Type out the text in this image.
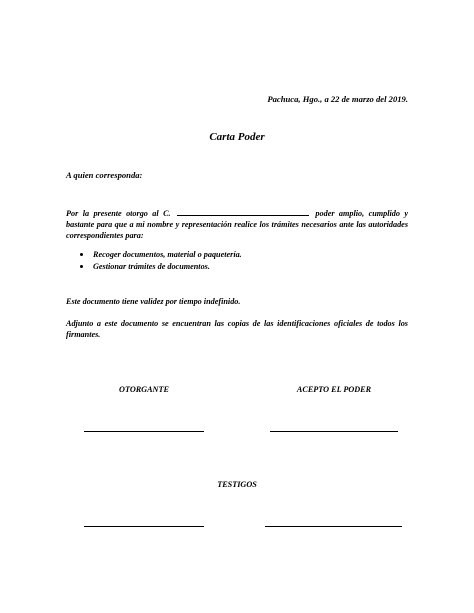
Pachuca, Hgo., a 22 de marzo del 2019.
Carta Poder
A quien corresponda:
Por la presente otorgo al C.	poder amplio, cumplido y bastante para que a mi nombre y representación realice los trámites necesarios ante las autoridades correspondientes para:
Recoger documentos, material o paquetería.
Gestionar trámites de documentos.
Este documento tiene validez por tiempo indefinido.
Adjunto a este documento se encuentran las copias de las identificaciones oficiales de todos los firmantes.
OTORGANTE	ACEPTO EL PODER
TESTIGOS
